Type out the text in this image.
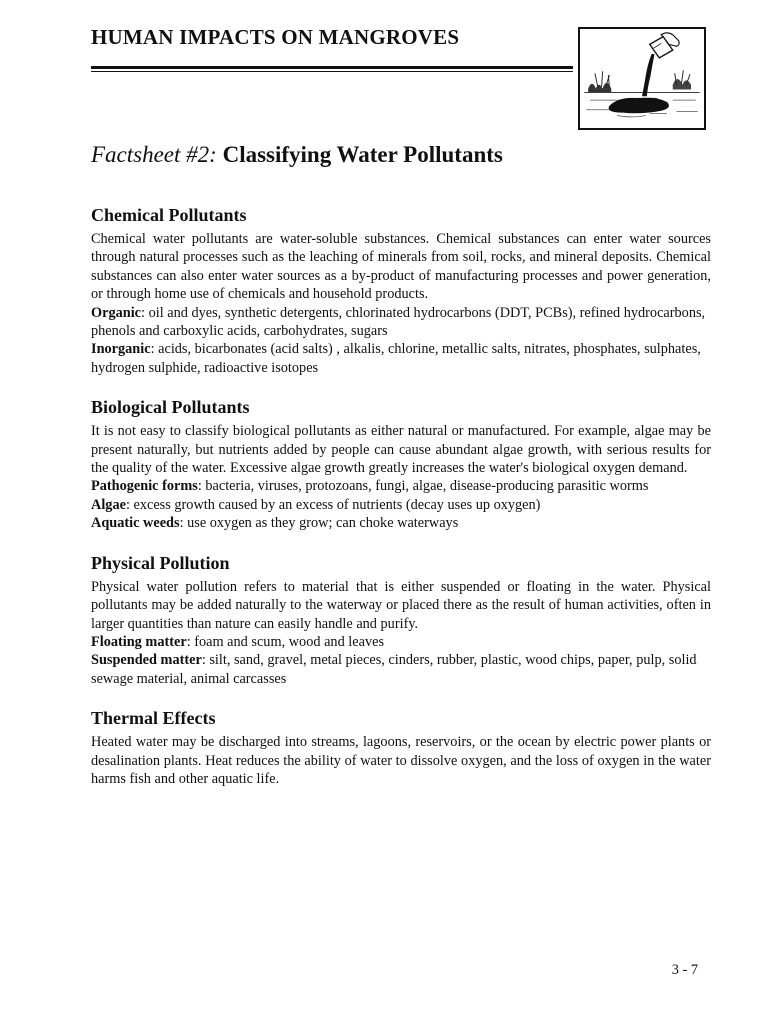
HUMAN IMPACTS ON MANGROVES
Factsheet #2: Classifying Water Pollutants
Chemical Pollutants

Chemical water pollutants are water-soluble substances. Chemical substances can enter water sources through natural processes such as the leaching of minerals from soil, rocks, and mineral deposits. Chemical substances can also enter water sources as a by-product of manufacturing processes and power generation, or through home use of chemicals and household products.

Organic: oil and dyes, synthetic detergents, chlorinated hydrocarbons (DDT, PCBs), refined hydrocarbons, phenols and carboxylic acids, carbohydrates, sugars
Inorganic: acids, bicarbonates (acid salts) , alkalis, chlorine, metallic salts, nitrates, phosphates, sulphates, hydrogen sulphide, radioactive isotopes
Biological Pollutants

It is not easy to classify biological pollutants as either natural or manufactured. For example, algae may be present naturally, but nutrients added by people can cause abundant algae growth, with serious results for the quality of the water. Excessive algae growth greatly increases the water's biological oxygen demand.

Pathogenic forms: bacteria, viruses, protozoans, fungi, algae, disease-producing parasitic worms
Algae: excess growth caused by an excess of nutrients (decay uses up oxygen)
Aquatic weeds: use oxygen as they grow; can choke waterways
Physical Pollution

Physical water pollution refers to material that is either suspended or floating in the water. Physical pollutants may be added naturally to the waterway or placed there as the result of human activities, often in larger quantities than nature can easily handle and purify.

Floating matter: foam and scum, wood and leaves
Suspended matter: silt, sand, gravel, metal pieces, cinders, rubber, plastic, wood chips, paper, pulp, solid sewage material, animal carcasses
Thermal Effects

Heated water may be discharged into streams, lagoons, reservoirs, or the ocean by electric power plants or desalination plants. Heat reduces the ability of water to dissolve oxygen, and the loss of oxygen in the water harms fish and other aquatic life.

3 - 7
